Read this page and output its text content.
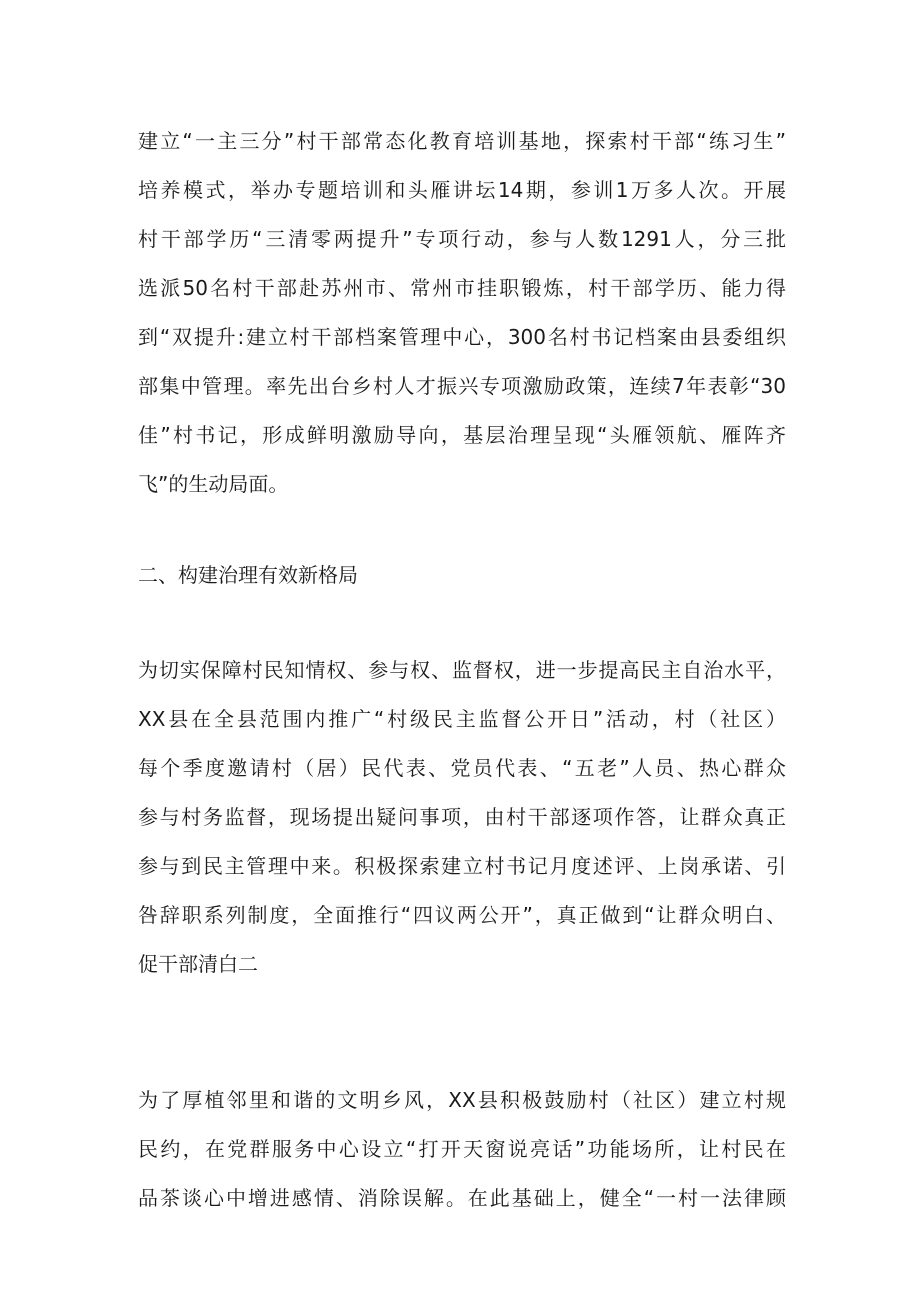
建立“一主三分”村干部常态化教育培训基地，探索村干部“练习生”
培养模式，举办专题培训和头雁讲坛14期，参训1万多人次。开展
村干部学历“三清零两提升”专项行动，参与人数1291人，分三批
选派50名村干部赴苏州市、常州市挂职锻炼，村干部学历、能力得
到“双提升:建立村干部档案管理中心，300名村书记档案由县委组织
部集中管理。率先出台乡村人才振兴专项激励政策，连续7年表彰“30
佳”村书记，形成鲜明激励导向，基层治理呈现“头雁领航、雁阵齐
飞”的生动局面。
二、构建治理有效新格局
为切实保障村民知情权、参与权、监督权，进一步提高民主自治水平，
XX县在全县范围内推广“村级民主监督公开日”活动，村（社区）
每个季度邀请村（居）民代表、党员代表、“五老”人员、热心群众
参与村务监督，现场提出疑问事项，由村干部逐项作答，让群众真正
参与到民主管理中来。积极探索建立村书记月度述评、上岗承诺、引
咎辞职系列制度，全面推行“四议两公开”，真正做到“让群众明白、
促干部清白二
为了厚植邻里和谐的文明乡风，XX县积极鼓励村（社区）建立村规
民约，在党群服务中心设立“打开天窗说亮话”功能场所，让村民在
品茶谈心中增进感情、消除误解。在此基础上，健全“一村一法律顾
